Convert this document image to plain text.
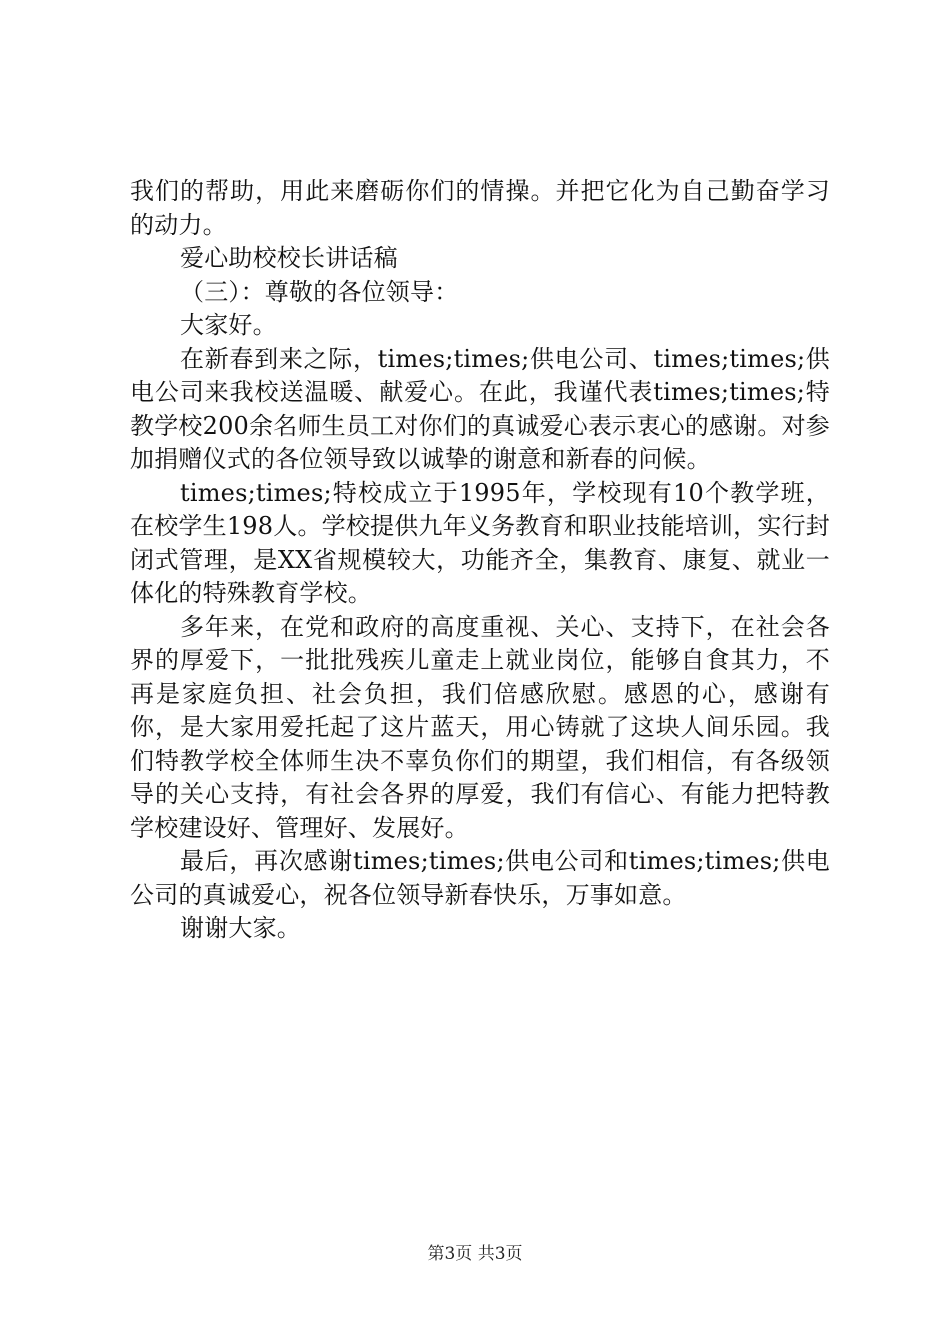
我们的帮助，用此来磨砺你们的情操。并把它化为自己勤奋学习的动力。

爱心助校校长讲话稿

（三）：尊敬的各位领导：

大家好。

在新春到来之际，times;times;供电公司、times;times;供电公司来我校送温暖、献爱心。在此，我谨代表times;times;特教学校200余名师生员工对你们的真诚爱心表示衷心的感谢。对参加捐赠仪式的各位领导致以诚挚的谢意和新春的问候。

times;times;特校成立于1995年，学校现有10个教学班，在校学生198人。学校提供九年义务教育和职业技能培训，实行封闭式管理，是XX省规模较大，功能齐全，集教育、康复、就业一体化的特殊教育学校。

多年来，在党和政府的高度重视、关心、支持下，在社会各界的厚爱下，一批批残疾儿童走上就业岗位，能够自食其力，不再是家庭负担、社会负担，我们倍感欣慰。感恩的心，感谢有你，是大家用爱托起了这片蓝天，用心铸就了这块人间乐园。我们特教学校全体师生决不辜负你们的期望，我们相信，有各级领导的关心支持，有社会各界的厚爱，我们有信心、有能力把特教学校建设好、管理好、发展好。

最后，再次感谢times;times;供电公司和times;times;供电公司的真诚爱心，祝各位领导新春快乐，万事如意。

谢谢大家。

第3页 共3页
